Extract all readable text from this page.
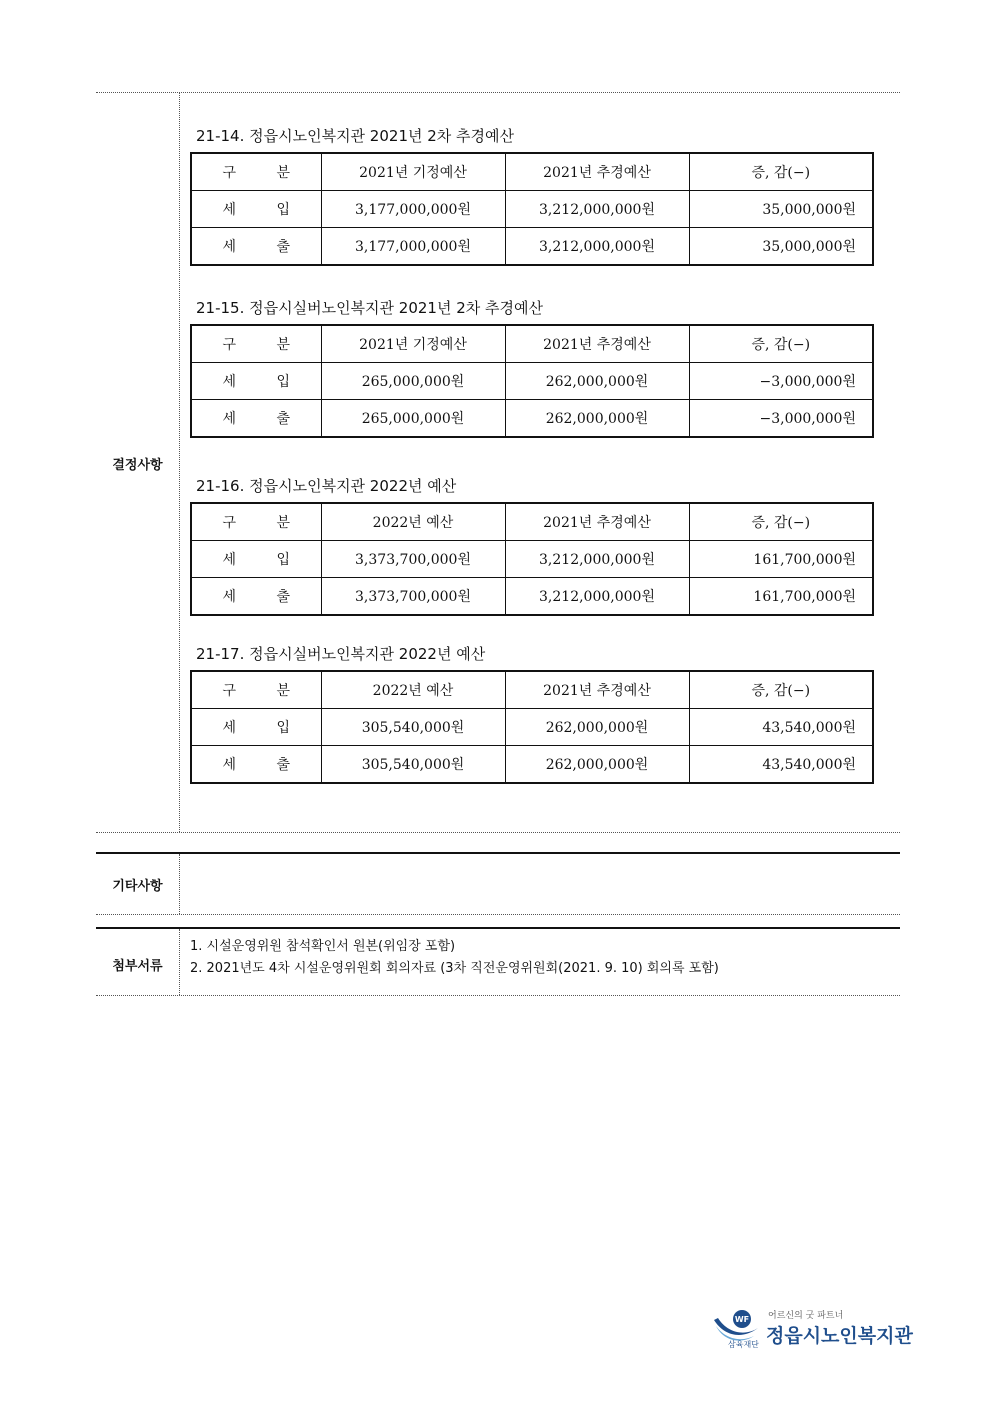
결정사항
기타사항
첨부서류
21-14. 정읍시노인복지관 2021년 2차 추경예산
구 분	2021년 기정예산	2021년 추경예산	증, 감(−)
세 입	3,177,000,000원	3,212,000,000원	35,000,000원
세 출	3,177,000,000원	3,212,000,000원	35,000,000원
21-15. 정읍시실버노인복지관 2021년 2차 추경예산
구 분	2021년 기정예산	2021년 추경예산	증, 감(−)
세 입	265,000,000원	262,000,000원	−3,000,000원
세 출	265,000,000원	262,000,000원	−3,000,000원
21-16. 정읍시노인복지관 2022년 예산
구 분	2022년 예산	2021년 추경예산	증, 감(−)
세 입	3,373,700,000원	3,212,000,000원	161,700,000원
세 출	3,373,700,000원	3,212,000,000원	161,700,000원
21-17. 정읍시실버노인복지관 2022년 예산
구 분	2022년 예산	2021년 추경예산	증, 감(−)
세 입	305,540,000원	262,000,000원	43,540,000원
세 출	305,540,000원	262,000,000원	43,540,000원
1. 시설운영위원 참석확인서 원본(위임장 포함)
2. 2021년도 4차 시설운영위원회 회의자료 (3차 직전운영위원회(2021. 9. 10) 회의록 포함)
WF
삼육재단
어르신의 굿 파트너
정읍시노인복지관
